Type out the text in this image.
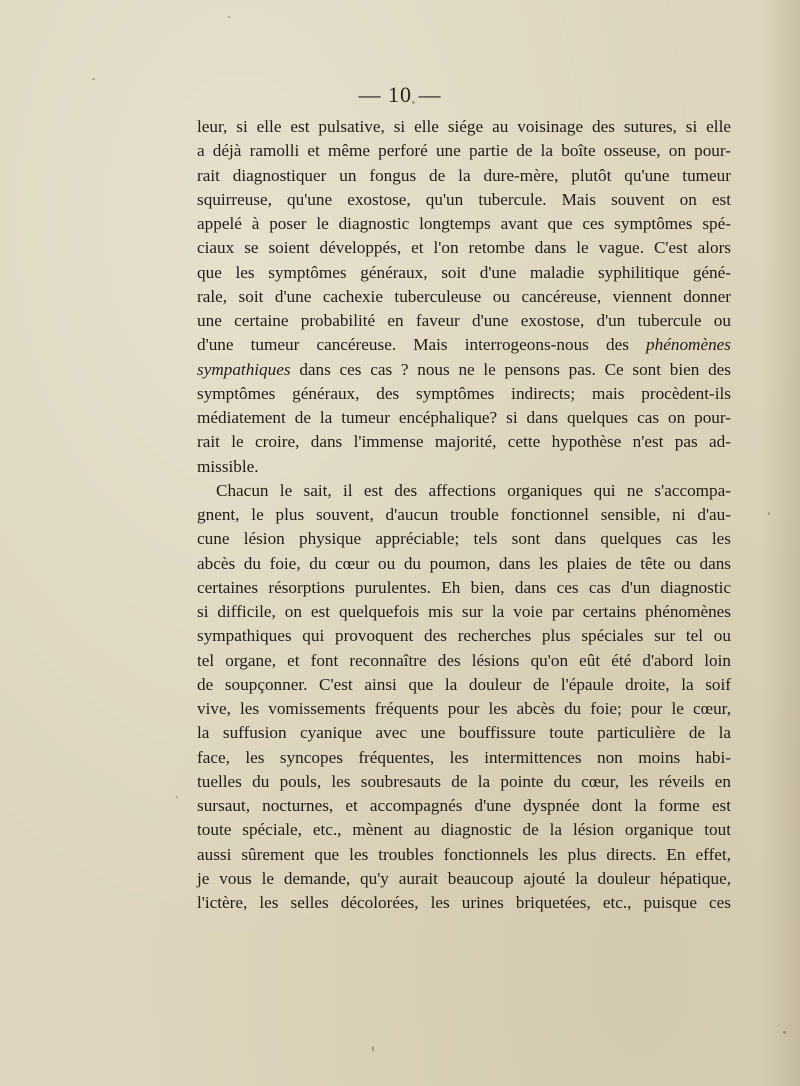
— 10 —
leur, si elle est pulsative, si elle siége au voisinage des sutures, si elle
a déjà ramolli et même perforé une partie de la boîte osseuse, on pour-
rait diagnostiquer un fongus de la dure-mère, plutôt qu'une tumeur
squirreuse, qu'une exostose, qu'un tubercule. Mais souvent on est
appelé à poser le diagnostic longtemps avant que ces symptômes spé-
ciaux se soient développés, et l'on retombe dans le vague. C'est alors
que les symptômes généraux, soit d'une maladie syphilitique géné-
rale, soit d'une cachexie tuberculeuse ou cancéreuse, viennent donner
une certaine probabilité en faveur d'une exostose, d'un tubercule ou
d'une tumeur cancéreuse. Mais interrogeons-nous des phénomènes
sympathiques dans ces cas ? nous ne le pensons pas. Ce sont bien des
symptômes généraux, des symptômes indirects; mais procèdent-ils
médiatement de la tumeur encéphalique? si dans quelques cas on pour-
rait le croire, dans l'immense majorité, cette hypothèse n'est pas ad-
missible.
Chacun le sait, il est des affections organiques qui ne s'accompa-
gnent, le plus souvent, d'aucun trouble fonctionnel sensible, ni d'au-
cune lésion physique appréciable; tels sont dans quelques cas les
abcès du foie, du cœur ou du poumon, dans les plaies de tête ou dans
certaines résorptions purulentes. Eh bien, dans ces cas d'un diagnostic
si difficile, on est quelquefois mis sur la voie par certains phénomènes
sympathiques qui provoquent des recherches plus spéciales sur tel ou
tel organe, et font reconnaître des lésions qu'on eût été d'abord loin
de soupçonner. C'est ainsi que la douleur de l'épaule droite, la soif
vive, les vomissements fréquents pour les abcès du foie; pour le cœur,
la suffusion cyanique avec une bouffissure toute particulière de la
face, les syncopes fréquentes, les intermittences non moins habi-
tuelles du pouls, les soubresauts de la pointe du cœur, les réveils en
sursaut, nocturnes, et accompagnés d'une dyspnée dont la forme est
toute spéciale, etc., mènent au diagnostic de la lésion organique tout
aussi sûrement que les troubles fonctionnels les plus directs. En effet,
je vous le demande, qu'y aurait beaucoup ajouté la douleur hépatique,
l'ictère, les selles décolorées, les urines briquetées, etc., puisque ces
